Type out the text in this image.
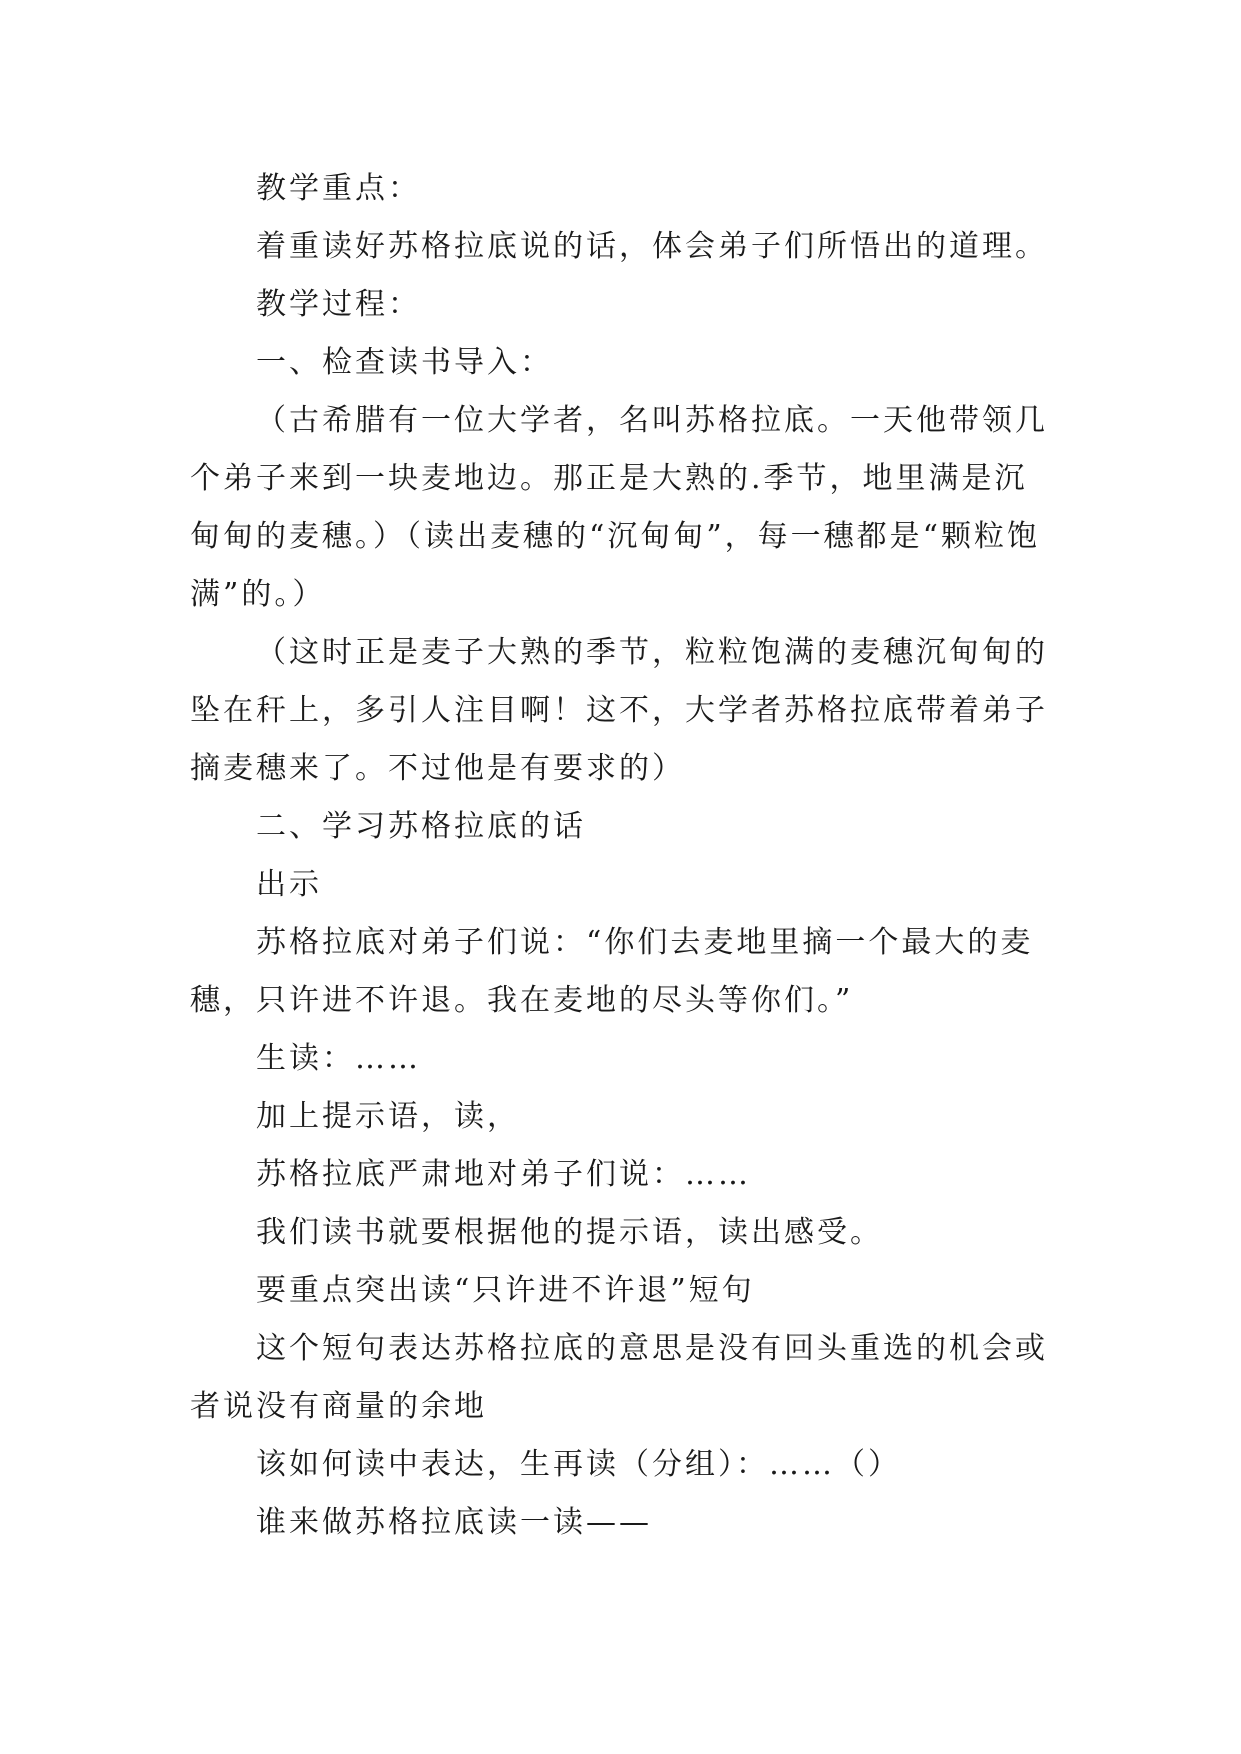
教学重点：

着重读好苏格拉底说的话，体会弟子们所悟出的道理。

教学过程：

一、检查读书导入：

（古希腊有一位大学者，名叫苏格拉底。一天他带领几个弟子来到一块麦地边。那正是大熟的.季节，地里满是沉甸甸的麦穗。）（读出麦穗的“沉甸甸”，每一穗都是“颗粒饱满”的。）

（这时正是麦子大熟的季节，粒粒饱满的麦穗沉甸甸的坠在秆上，多引人注目啊！这不，大学者苏格拉底带着弟子摘麦穗来了。不过他是有要求的）

二、学习苏格拉底的话

出示

苏格拉底对弟子们说：“你们去麦地里摘一个最大的麦穗，只许进不许退。我在麦地的尽头等你们。”

生读：……

加上提示语，读，

苏格拉底严肃地对弟子们说：……

我们读书就要根据他的提示语，读出感受。

要重点突出读“只许进不许退”短句

这个短句表达苏格拉底的意思是没有回头重选的机会或者说没有商量的余地

该如何读中表达，生再读（分组）：……（）

谁来做苏格拉底读一读——
